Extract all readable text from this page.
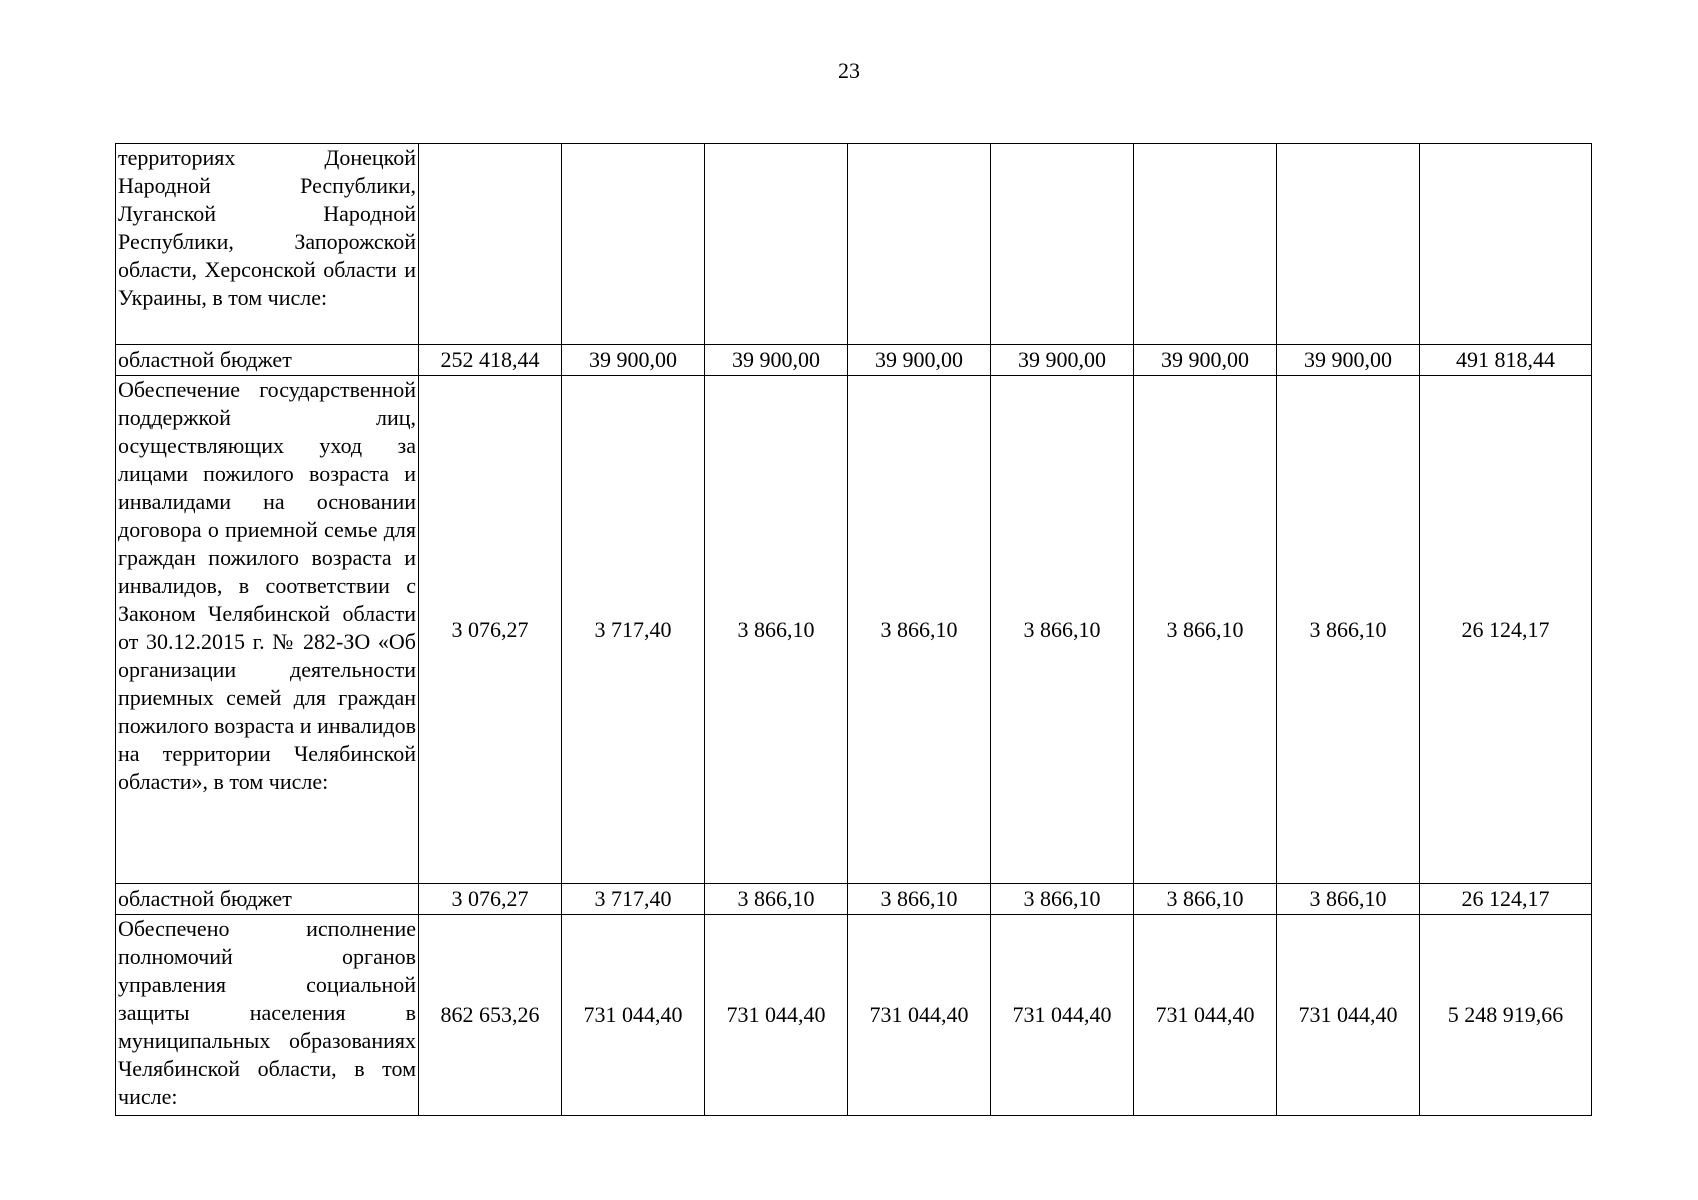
23
территориях Донецкой Народной Республики, Луганской Народной Республики, Запорожской области, Херсонской области и Украины, в том числе:								
областной бюджет	252 418,44	39 900,00	39 900,00	39 900,00	39 900,00	39 900,00	39 900,00	491 818,44
Обеспечение государственной поддержкой лиц, осуществляющих уход за лицами пожилого возраста и инвалидами на основании договора о приемной семье для граждан пожилого возраста и инвалидов, в соответствии с Законом Челябинской области от 30.12.2015 г. № 282-ЗО «Об организации деятельности приемных семей для граждан пожилого возраста и инвалидов на территории Челябинской области», в том числе:	3 076,27	3 717,40	3 866,10	3 866,10	3 866,10	3 866,10	3 866,10	26 124,17
областной бюджет	3 076,27	3 717,40	3 866,10	3 866,10	3 866,10	3 866,10	3 866,10	26 124,17
Обеспечено исполнение полномочий органов управления социальной защиты населения в муниципальных образованиях Челябинской области, в том числе:	862 653,26	731 044,40	731 044,40	731 044,40	731 044,40	731 044,40	731 044,40	5 248 919,66
